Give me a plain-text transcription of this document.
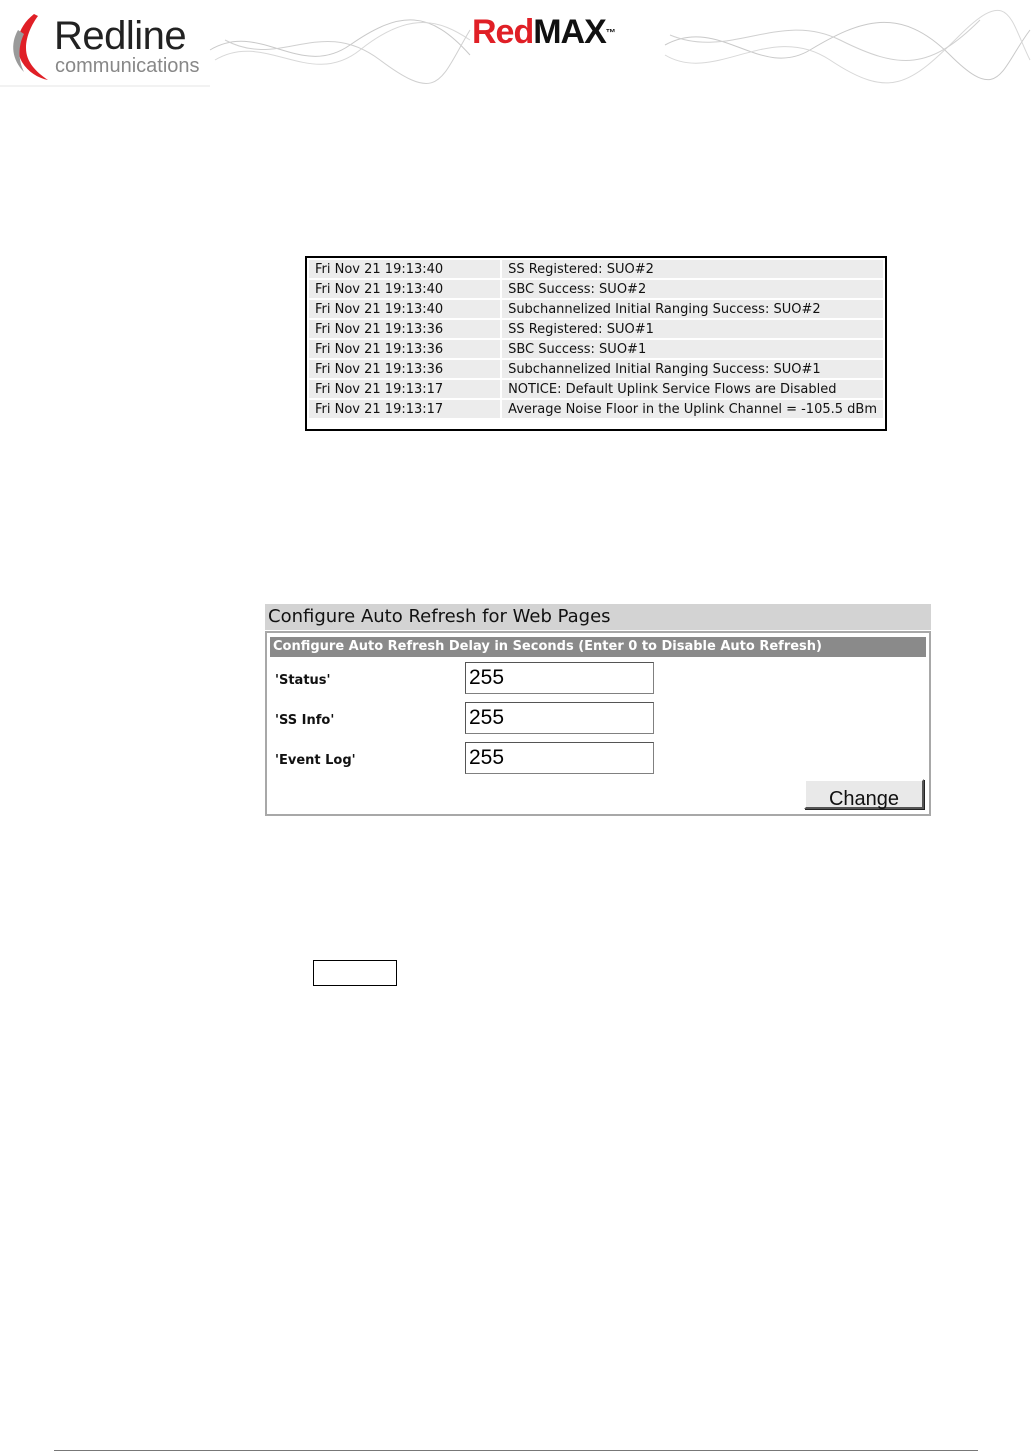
Redline
communications
RedMAX™
Fri Nov 21 19:13:40	SS Registered: SUO#2
Fri Nov 21 19:13:40	SBC Success: SUO#2
Fri Nov 21 19:13:40	Subchannelized Initial Ranging Success: SUO#2
Fri Nov 21 19:13:36	SS Registered: SUO#1
Fri Nov 21 19:13:36	SBC Success: SUO#1
Fri Nov 21 19:13:36	Subchannelized Initial Ranging Success: SUO#1
Fri Nov 21 19:13:17	NOTICE: Default Uplink Service Flows are Disabled
Fri Nov 21 19:13:17	Average Noise Floor in the Uplink Channel = -105.5 dBm
Configure Auto Refresh for Web Pages
Configure Auto Refresh Delay in Seconds (Enter 0 to Disable Auto Refresh)
'Status'
255
'SS Info'
255
'Event Log'
255
Change
